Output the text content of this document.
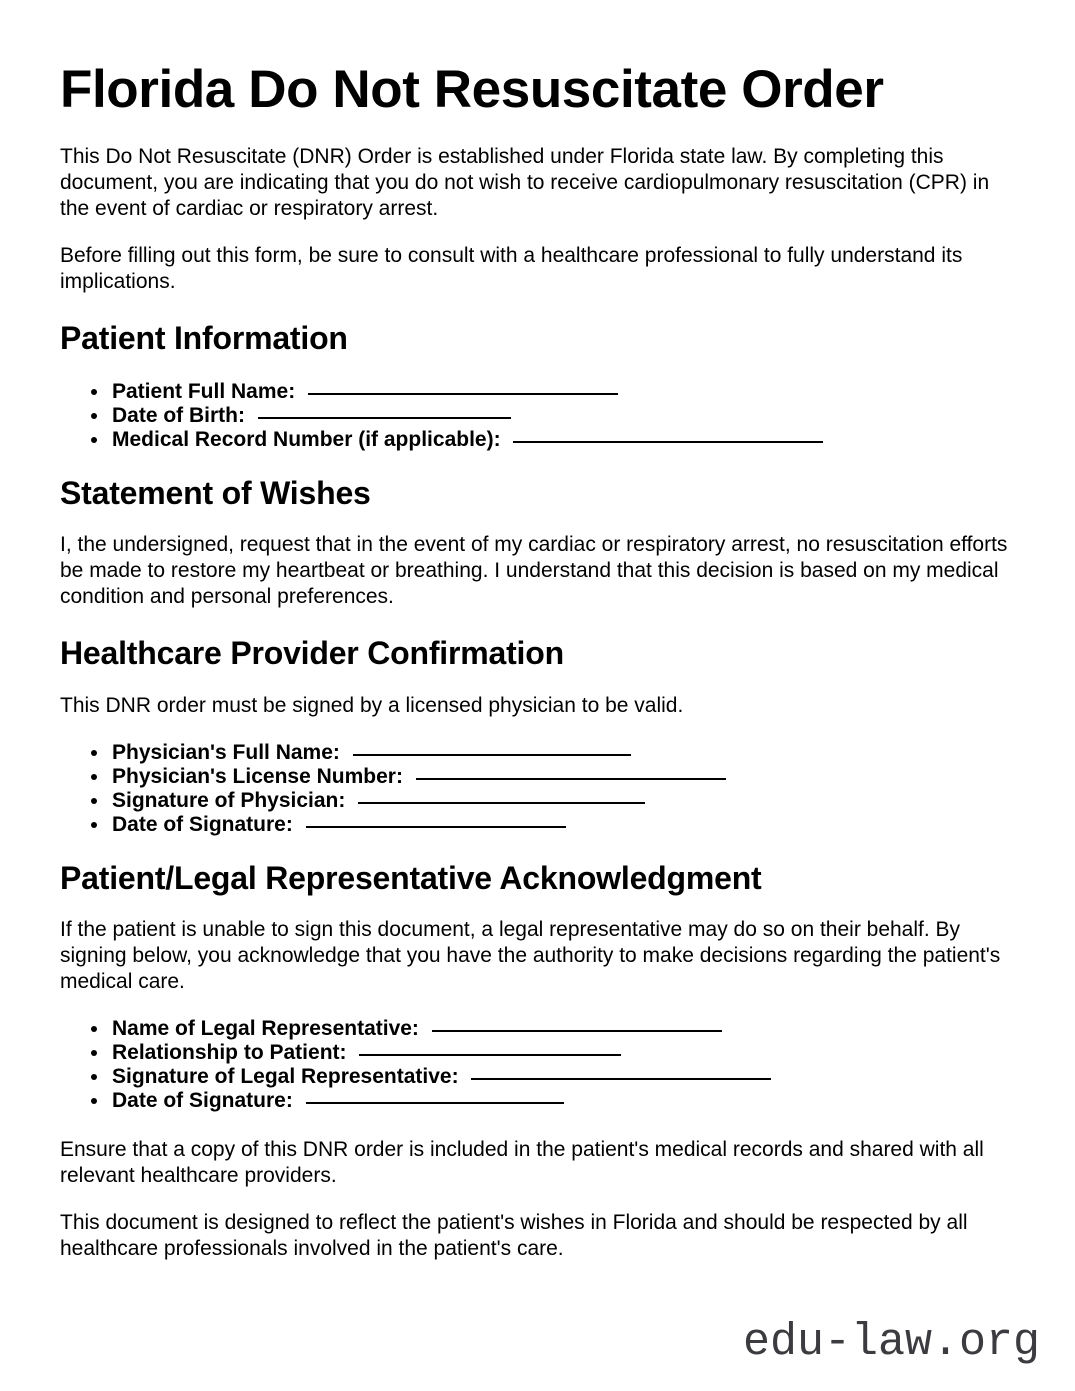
Florida Do Not Resuscitate Order

This Do Not Resuscitate (DNR) Order is established under Florida state law. By completing this document, you are indicating that you do not wish to receive cardiopulmonary resuscitation (CPR) in the event of cardiac or respiratory arrest.

Before filling out this form, be sure to consult with a healthcare professional to fully understand its implications.

Patient Information
Patient Full Name:
Date of Birth:
Medical Record Number (if applicable):
Statement of Wishes

I, the undersigned, request that in the event of my cardiac or respiratory arrest, no resuscitation efforts be made to restore my heartbeat or breathing. I understand that this decision is based on my medical condition and personal preferences.

Healthcare Provider Confirmation

This DNR order must be signed by a licensed physician to be valid.

Physician's Full Name:
Physician's License Number:
Signature of Physician:
Date of Signature:
Patient/Legal Representative Acknowledgment

If the patient is unable to sign this document, a legal representative may do so on their behalf. By signing below, you acknowledge that you have the authority to make decisions regarding the patient's medical care.

Name of Legal Representative:
Relationship to Patient:
Signature of Legal Representative:
Date of Signature:

Ensure that a copy of this DNR order is included in the patient's medical records and shared with all relevant healthcare providers.

This document is designed to reflect the patient's wishes in Florida and should be respected by all healthcare professionals involved in the patient's care.

edu-law.org
